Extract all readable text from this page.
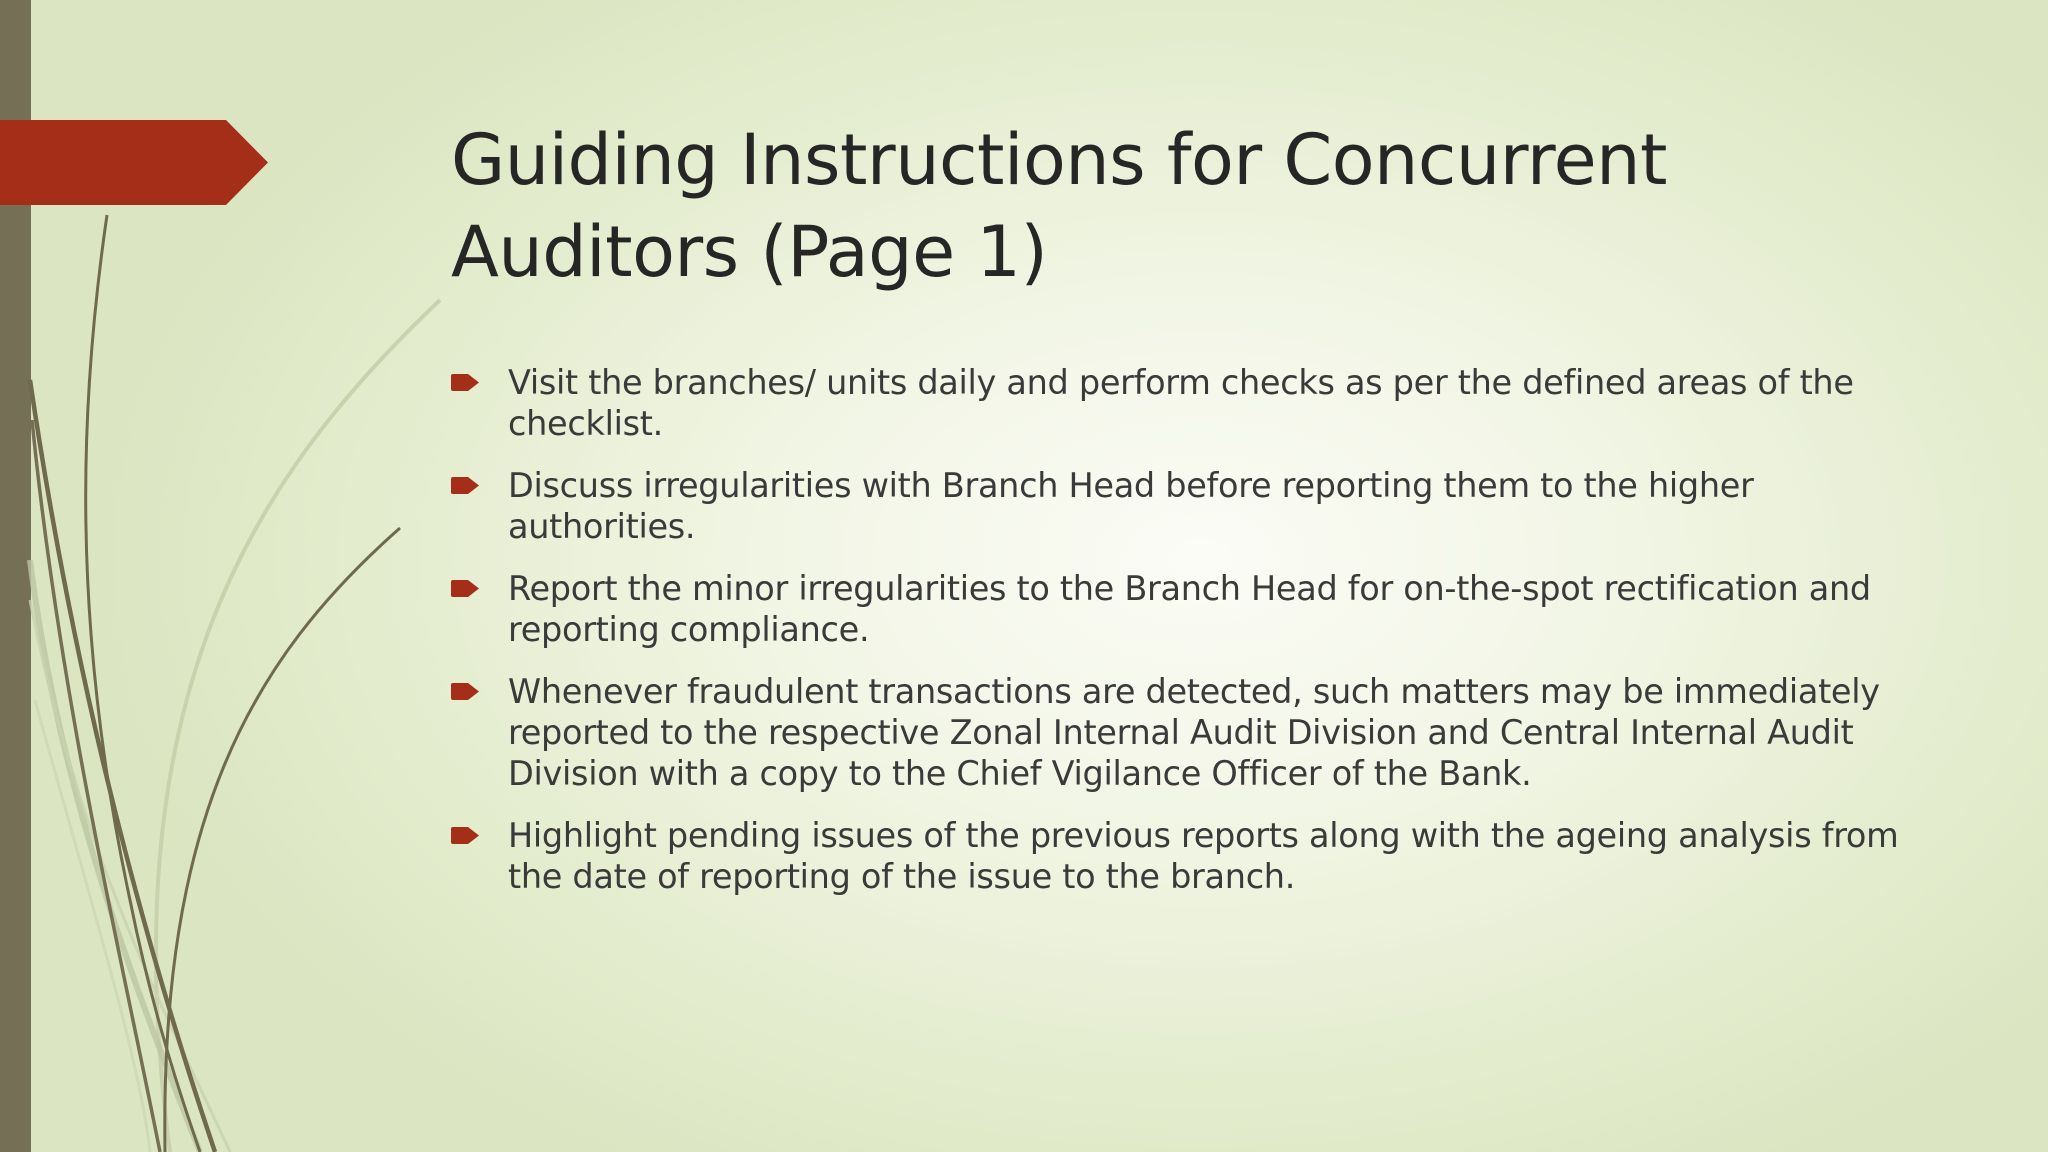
Guiding Instructions for Concurrent Auditors (Page 1)
Visit the branches/ units daily and perform checks as per the defined areas of the checklist.
Discuss irregularities with Branch Head before reporting them to the higher authorities.
Report the minor irregularities to the Branch Head for on-the-spot rectification and reporting compliance.
Whenever fraudulent transactions are detected, such matters may be immediately reported to the respective Zonal Internal Audit Division and Central Internal Audit Division with a copy to the Chief Vigilance Officer of the Bank.
Highlight pending issues of the previous reports along with the ageing analysis from the date of reporting of the issue to the branch.
